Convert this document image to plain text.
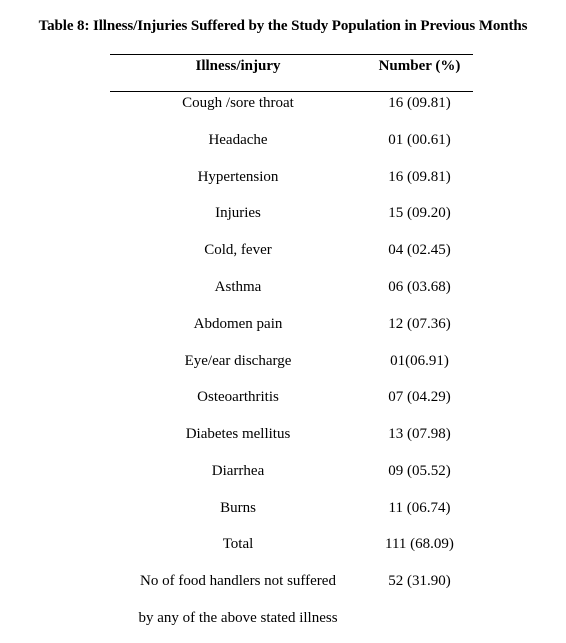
Table 8: Illness/Injuries Suffered by the Study Population in Previous Months
Illness/injury	Number (%)
Cough /sore throat	16 (09.81)
Headache	01 (00.61)
Hypertension	16 (09.81)
Injuries	15 (09.20)
Cold, fever	04 (02.45)
Asthma	06 (03.68)
Abdomen pain	12 (07.36)
Eye/ear discharge	01(06.91)
Osteoarthritis	07 (04.29)
Diabetes mellitus	13 (07.98)
Diarrhea	09 (05.52)
Burns	11 (06.74)
Total	111 (68.09)
No of food handlers not suffered	52 (31.90)
by any of the above stated illness
